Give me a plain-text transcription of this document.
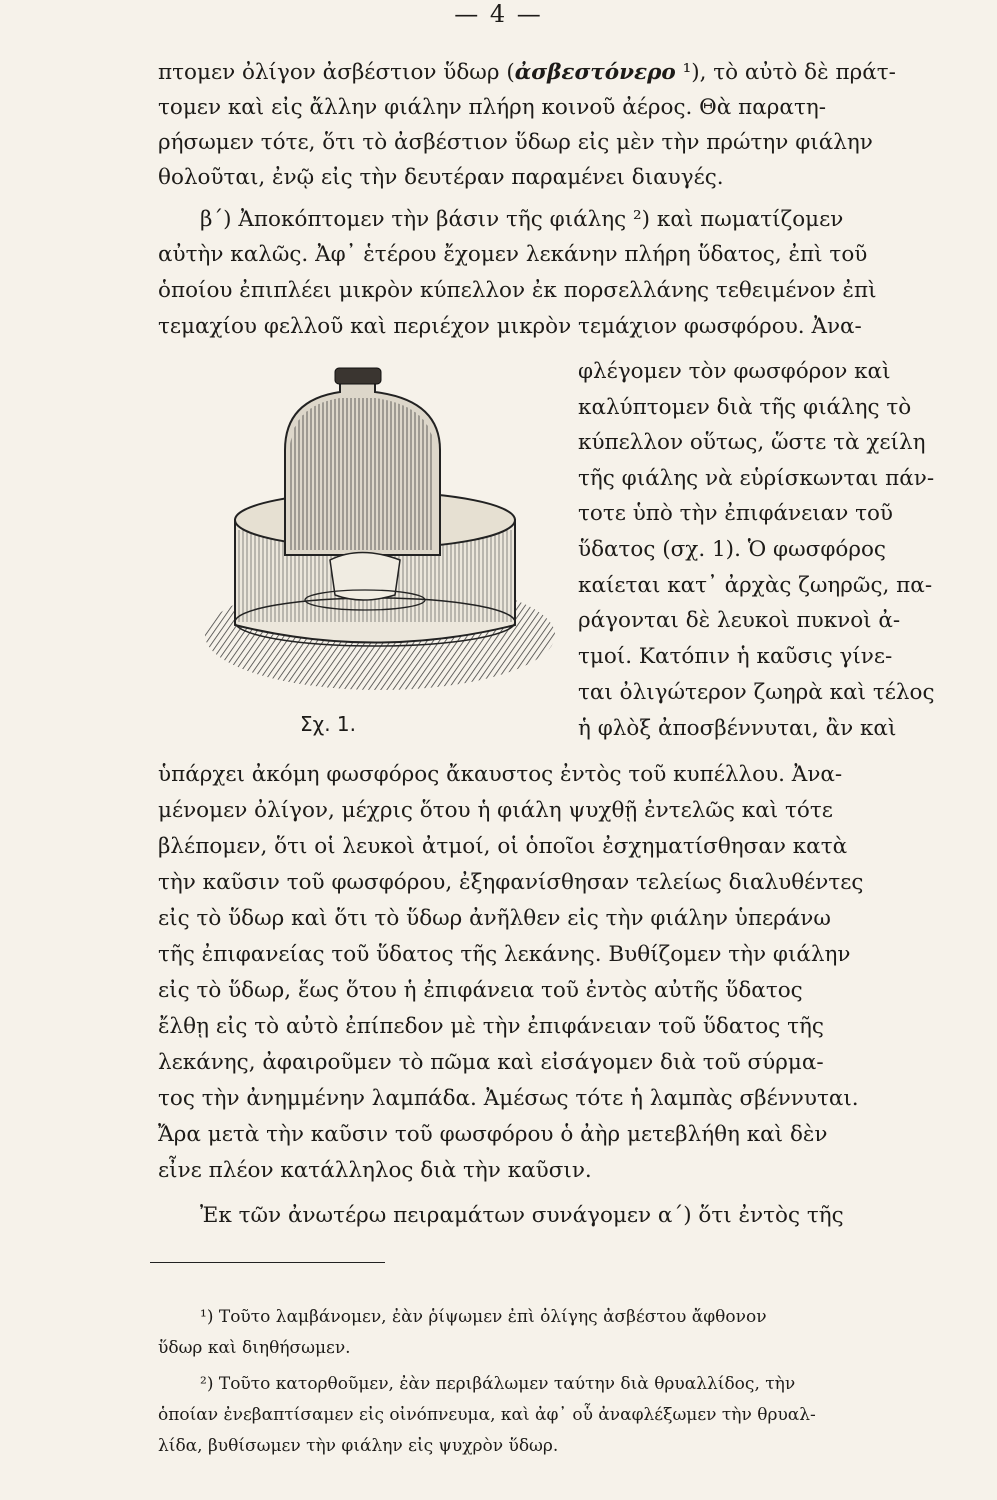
— 4 —
πτομεν ὀλίγον ἀσβέστιον ὕδωρ (ἀσβεστόνερο ¹), τὸ αὐτὸ δὲ πράτ-
τομεν καὶ εἰς ἄλλην φιάλην πλήρη κοινοῦ ἀέρος. Θὰ παρατη-
ρήσωμεν τότε, ὅτι τὸ ἀσβέστιον ὕδωρ εἰς μὲν τὴν πρώτην φιάλην
θολοῦται, ἐνῷ εἰς τὴν δευτέραν παραμένει διαυγές.
β΄) Ἀποκόπτομεν τὴν βάσιν τῆς φιάλης ²) καὶ πωματίζομεν
αὐτὴν καλῶς. Ἀφ᾿ ἑτέρου ἔχομεν λεκάνην πλήρη ὕδατος, ἐπὶ τοῦ
ὁποίου ἐπιπλέει μικρὸν κύπελλον ἐκ πορσελλάνης τεθειμένον ἐπὶ
τεμαχίου φελλοῦ καὶ περιέχον μικρὸν τεμάχιον φωσφόρου. Ἀνα-
φλέγομεν τὸν φωσφόρον καὶ
καλύπτομεν διὰ τῆς φιάλης τὸ
κύπελλον οὕτως, ὥστε τὰ χείλη
τῆς φιάλης νὰ εὑρίσκωνται πάν-
τοτε ὑπὸ τὴν ἐπιφάνειαν τοῦ
ὕδατος (σχ. 1). Ὁ φωσφόρος
καίεται κατ᾿ ἀρχὰς ζωηρῶς, πα-
ράγονται δὲ λευκοὶ πυκνοὶ ἀ-
τμοί. Κατόπιν ἡ καῦσις γίνε-
ται ὀλιγώτερον ζωηρὰ καὶ τέλος
ἡ φλὸξ ἀποσβέννυται, ἂν καὶ
Σχ. 1.
ὑπάρχει ἀκόμη φωσφόρος ἄκαυστος ἐντὸς τοῦ κυπέλλου. Ἀνα-
μένομεν ὀλίγον, μέχρις ὅτου ἡ φιάλη ψυχθῇ ἐντελῶς καὶ τότε
βλέπομεν, ὅτι οἱ λευκοὶ ἀτμοί, οἱ ὁποῖοι ἐσχηματίσθησαν κατὰ
τὴν καῦσιν τοῦ φωσφόρου, ἐξηφανίσθησαν τελείως διαλυθέντες
εἰς τὸ ὕδωρ καὶ ὅτι τὸ ὕδωρ ἀνῆλθεν εἰς τὴν φιάλην ὑπεράνω
τῆς ἐπιφανείας τοῦ ὕδατος τῆς λεκάνης. Βυθίζομεν τὴν φιάλην
εἰς τὸ ὕδωρ, ἕως ὅτου ἡ ἐπιφάνεια τοῦ ἐντὸς αὐτῆς ὕδατος
ἔλθῃ εἰς τὸ αὐτὸ ἐπίπεδον μὲ τὴν ἐπιφάνειαν τοῦ ὕδατος τῆς
λεκάνης, ἀφαιροῦμεν τὸ πῶμα καὶ εἰσάγομεν διὰ τοῦ σύρμα-
τος τὴν ἀνημμένην λαμπάδα. Ἀμέσως τότε ἡ λαμπὰς σβέννυται.
Ἄρα μετὰ τὴν καῦσιν τοῦ φωσφόρου ὁ ἀὴρ μετεβλήθη καὶ δὲν
εἶνε πλέον κατάλληλος διὰ τὴν καῦσιν.
Ἐκ τῶν ἀνωτέρω πειραμάτων συνάγομεν α΄) ὅτι ἐντὸς τῆς
¹) Τοῦτο λαμβάνομεν, ἐὰν ῥίψωμεν ἐπὶ ὀλίγης ἀσβέστου ἄφθονον
ὕδωρ καὶ διηθήσωμεν.
²) Τοῦτο κατορθοῦμεν, ἐὰν περιβάλωμεν ταύτην διὰ θρυαλλίδος, τὴν
ὁποίαν ἐνεβαπτίσαμεν εἰς οἰνόπνευμα, καὶ ἀφ᾿ οὗ ἀναφλέξωμεν τὴν θρυαλ-
λίδα, βυθίσωμεν τὴν φιάλην εἰς ψυχρὸν ὕδωρ.
